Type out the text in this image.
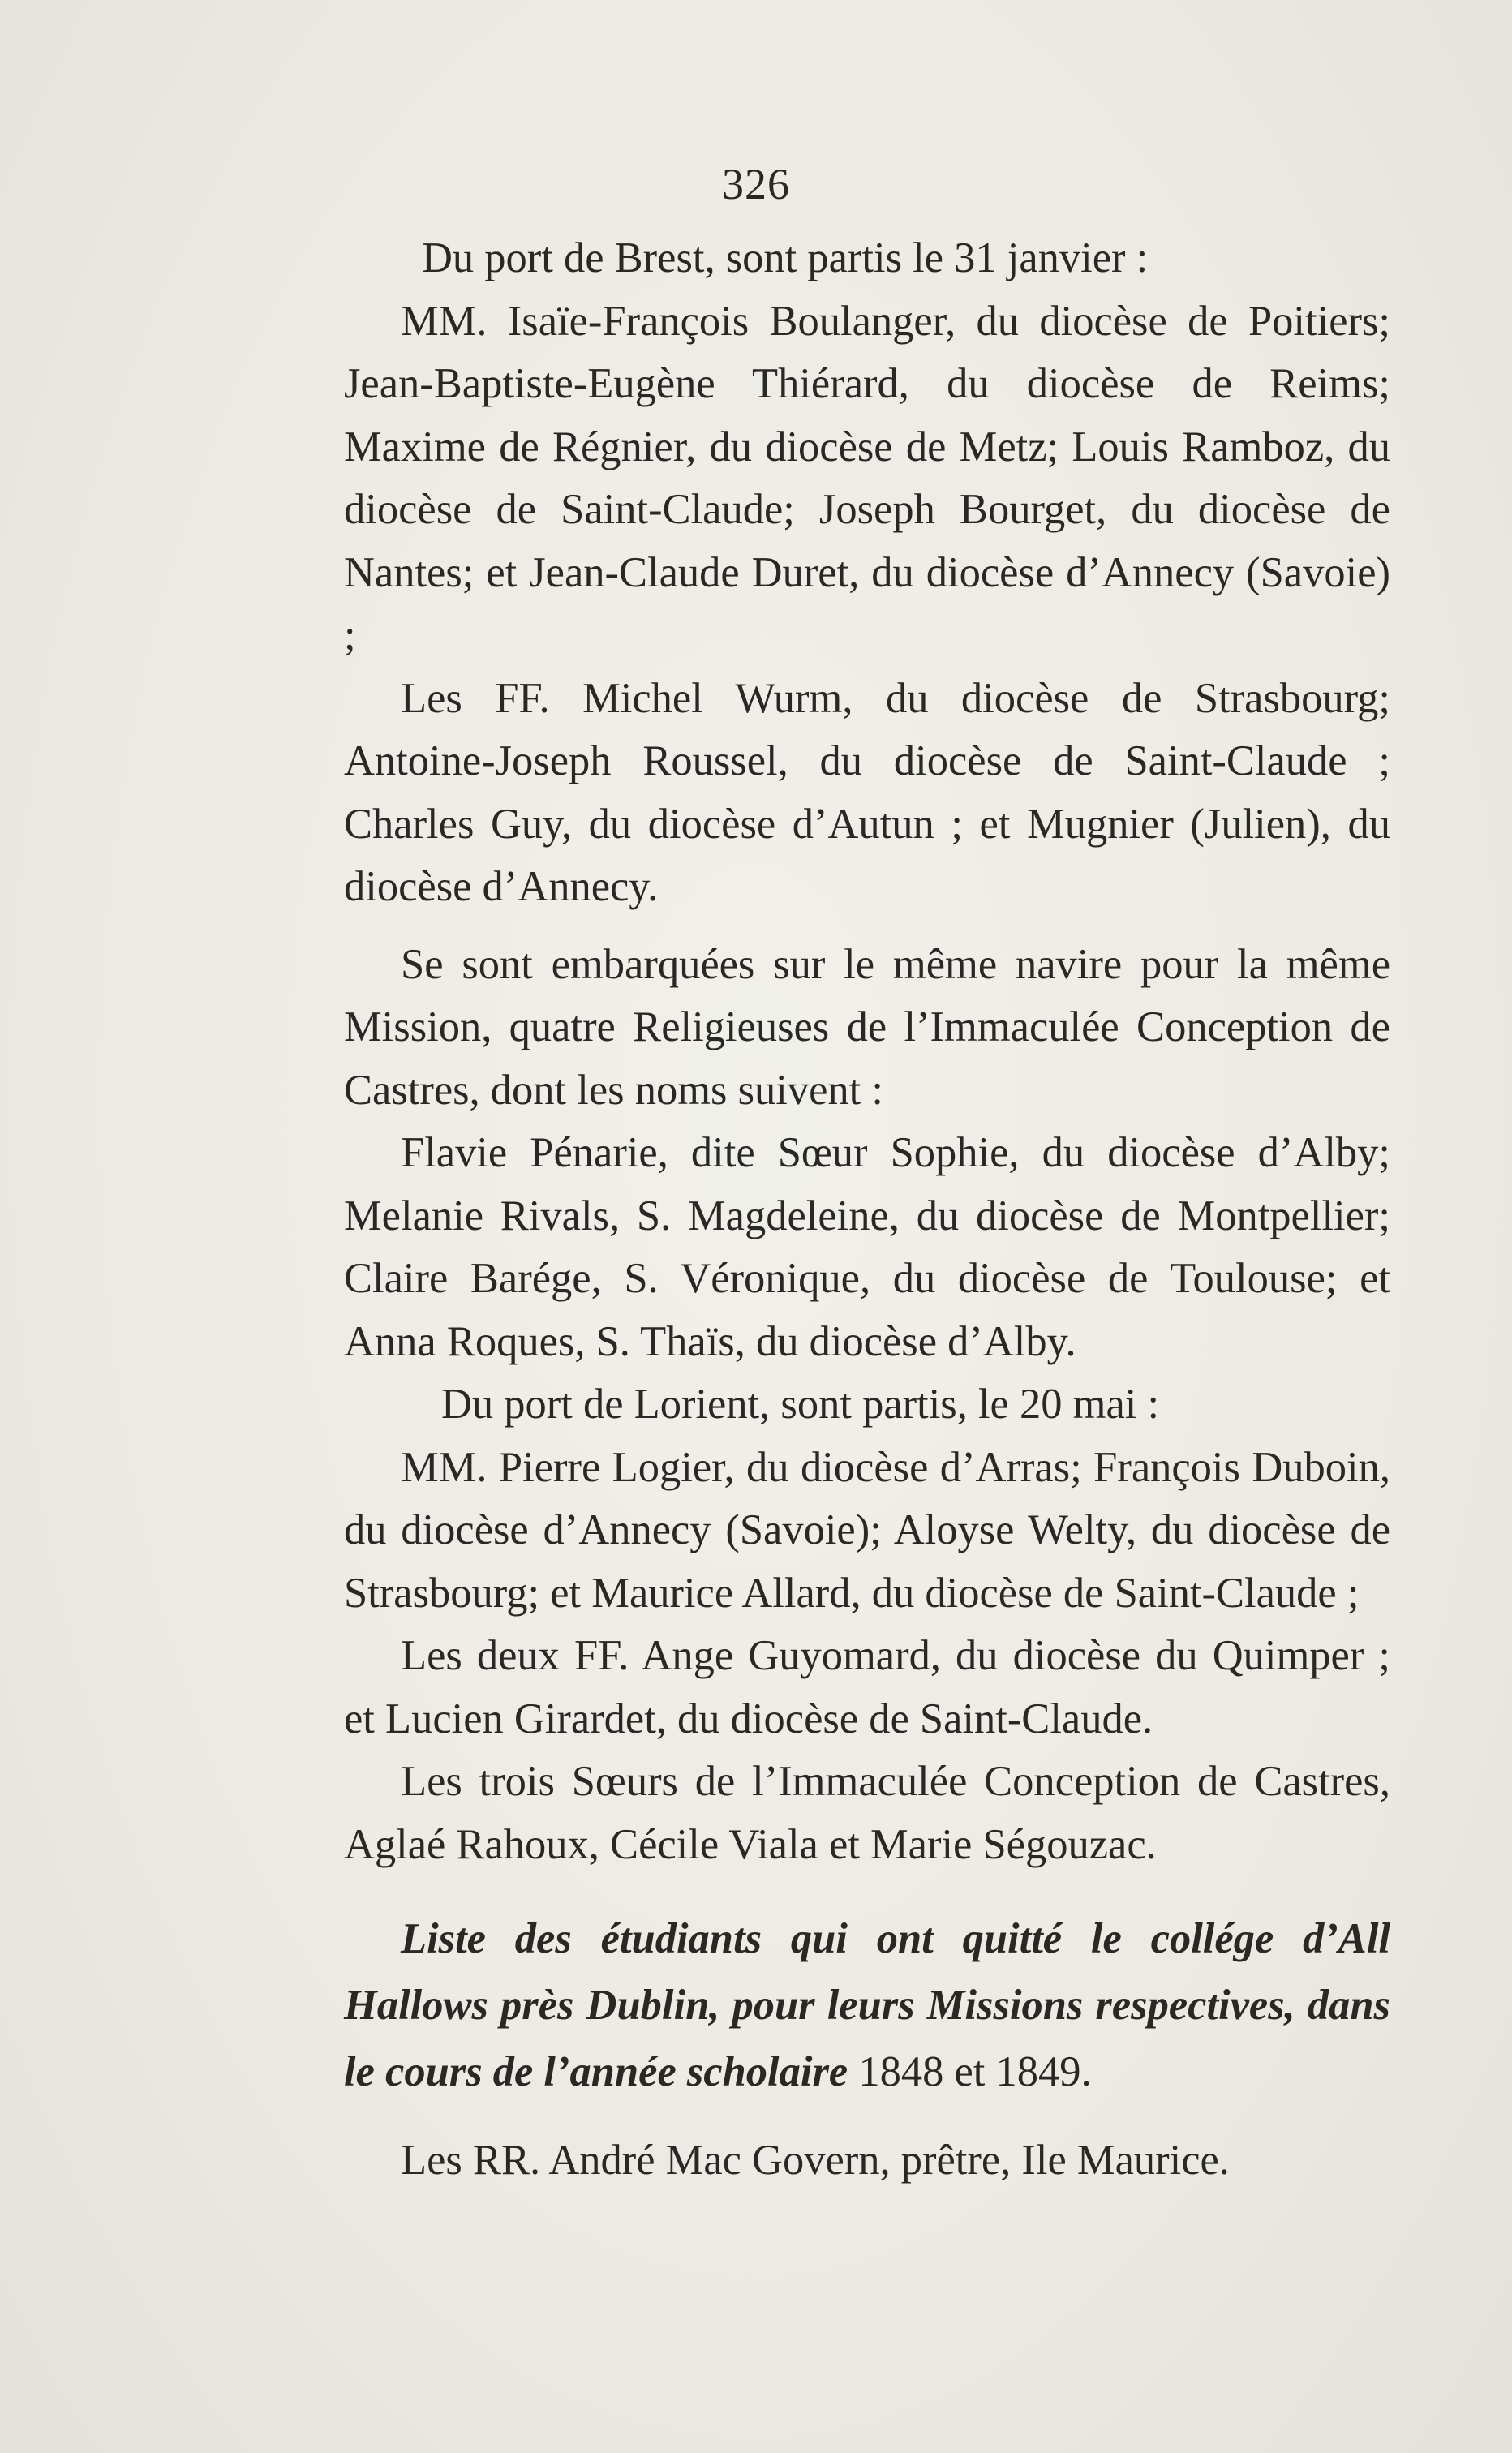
326

Du port de Brest, sont partis le 31 janvier :

MM. Isaïe-François Boulanger, du diocèse de Poitiers; Jean-Baptiste-Eugène Thiérard, du diocèse de Reims; Maxime de Régnier, du diocèse de Metz; Louis Ramboz, du diocèse de Saint-Claude; Joseph Bourget, du diocèse de Nantes; et Jean-Claude Duret, du diocèse d’Annecy (Savoie) ;

Les FF. Michel Wurm, du diocèse de Strasbourg; Antoine-Joseph Roussel, du diocèse de Saint-Claude ; Charles Guy, du diocèse d’Autun ; et Mugnier (Julien), du diocèse d’Annecy.

Se sont embarquées sur le même navire pour la même Mission, quatre Religieuses de l’Immaculée Conception de Castres, dont les noms suivent :

Flavie Pénarie, dite Sœur Sophie, du diocèse d’Alby; Melanie Rivals, S. Magdeleine, du diocèse de Montpellier; Claire Barége, S. Véronique, du diocèse de Toulouse; et Anna Roques, S. Thaïs, du diocèse d’Alby.

Du port de Lorient, sont partis, le 20 mai :

MM. Pierre Logier, du diocèse d’Arras; François Duboin, du diocèse d’Annecy (Savoie); Aloyse Welty, du diocèse de Strasbourg; et Maurice Allard, du diocèse de Saint-Claude ;

Les deux FF. Ange Guyomard, du diocèse du Quimper ; et Lucien Girardet, du diocèse de Saint-Claude.

Les trois Sœurs de l’Immaculée Conception de Castres, Aglaé Rahoux, Cécile Viala et Marie Ségouzac.

Liste des étudiants qui ont quitté le collége d’All Hallows près Dublin, pour leurs Missions respectives, dans le cours de l’année scholaire 1848 et 1849.

Les RR. André Mac Govern, prêtre, Ile Maurice.
